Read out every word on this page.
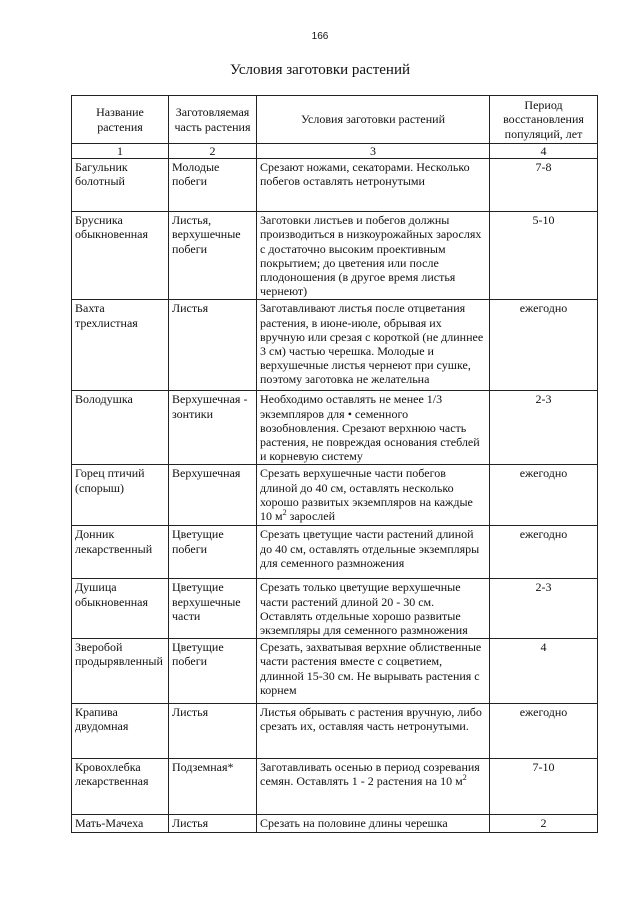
166
Условия заготовки растений
Название растения	Заготовляемая часть растения	Условия заготовки растений	Период восстановления популяций, лет
1	2	3	4
Багульник болотный	Молодые побеги	Срезают ножами, секаторами. Несколько побегов оставлять нетронутыми	7-8
Брусника обыкновенная	Листья, верхушечные побеги	Заготовки листьев и побегов должны производиться в низкоурожайных зарослях с достаточно высоким проективным покрытием; до цветения или после плодоношения (в другое время листья чернеют)	5-10
Вахта трехлистная	Листья	Заготавливают листья после отцветания растения, в июне-июле, обрывая их вручную или срезая с короткой (не длиннее 3 см) частью черешка. Молодые и верхушечные листья чернеют при сушке, поэтому заготовка не желательна	ежегодно
Володушка	Верхушечная - зонтики	Необходимо оставлять не менее 1/3 экземпляров для • семенного возобновления. Срезают верхнюю часть растения, не повреждая основания стеблей и корневую систему	2-3
Горец птичий (спорыш)	Верхушечная	Срезать верхушечные части побегов длиной до 40 см, оставлять несколько хорошо развитых экземпляров на каждые 10 $м^2$ зарослей	ежегодно
Донник лекарственный	Цветущие побеги	Срезать цветущие части растений длиной до 40 см, оставлять отдельные экземпляры для семенного размножения	ежегодно
Душица обыкновенная	Цветущие верхушечные части	Срезать только цветущие верхушечные части растений длиной 20 - 30 см. Оставлять отдельные хорошо развитые экземпляры для семенного размножения	2-3
Зверобой продырявленный	Цветущие побеги	Срезать, захватывая верхние облиственные части растения вместе с соцветием, длинной 15-30 см. Не вырывать растения с корнем	4
Крапива двудомная	Листья	Листья обрывать с растения вручную, либо срезать их, оставляя часть нетронутыми.	ежегодно
Кровохлебка лекарственная	Подземная*	Заготавливать осенью в период созревания семян. Оставлять 1 - 2 растения на 10 $м^2$	7-10
Мать-Мачеха	Листья	Срезать на половине длины черешка	2
